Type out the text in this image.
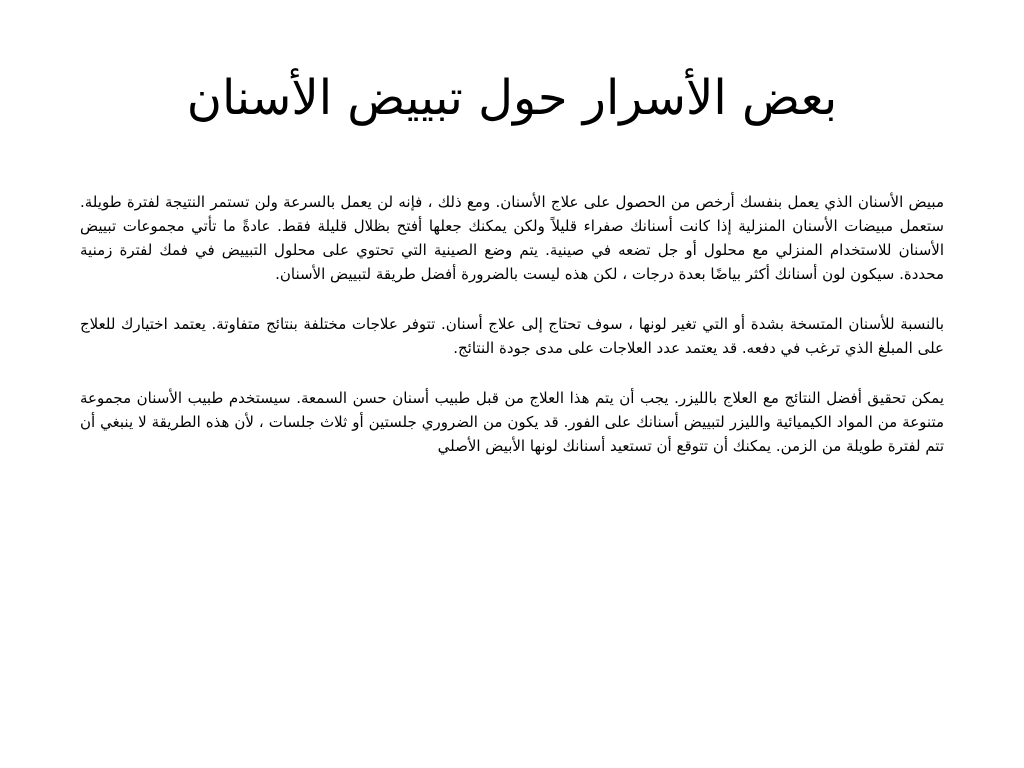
بعض الأسرار حول تبييض الأسنان

مبيض الأسنان الذي يعمل بنفسك أرخص من الحصول على علاج الأسنان. ومع ذلك ، فإنه لن يعمل بالسرعة ولن تستمر النتيجة لفترة طويلة. ستعمل مبيضات الأسنان المنزلية إذا كانت أسنانك صفراء قليلاً ولكن يمكنك جعلها أفتح بظلال قليلة فقط. عادةً ما تأتي مجموعات تبييض الأسنان للاستخدام المنزلي مع محلول أو جل تضعه في صينية. يتم وضع الصينية التي تحتوي على محلول التبييض في فمك لفترة زمنية محددة. سيكون لون أسنانك أكثر بياضًا بعدة درجات ، لكن هذه ليست بالضرورة أفضل طريقة لتبييض الأسنان.

بالنسبة للأسنان المتسخة بشدة أو التي تغير لونها ، سوف تحتاج إلى علاج أسنان. تتوفر علاجات مختلفة بنتائج متفاوتة. يعتمد اختيارك للعلاج على المبلغ الذي ترغب في دفعه. قد يعتمد عدد العلاجات على مدى جودة النتائج.

يمكن تحقيق أفضل النتائج مع العلاج بالليزر. يجب أن يتم هذا العلاج من قبل طبيب أسنان حسن السمعة. سيستخدم طبيب الأسنان مجموعة متنوعة من المواد الكيميائية والليزر لتبييض أسنانك على الفور. قد يكون من الضروري جلستين أو ثلاث جلسات ، لأن هذه الطريقة لا ينبغي أن تتم لفترة طويلة من الزمن. يمكنك أن تتوقع أن تستعيد أسنانك لونها الأبيض الأصلي
